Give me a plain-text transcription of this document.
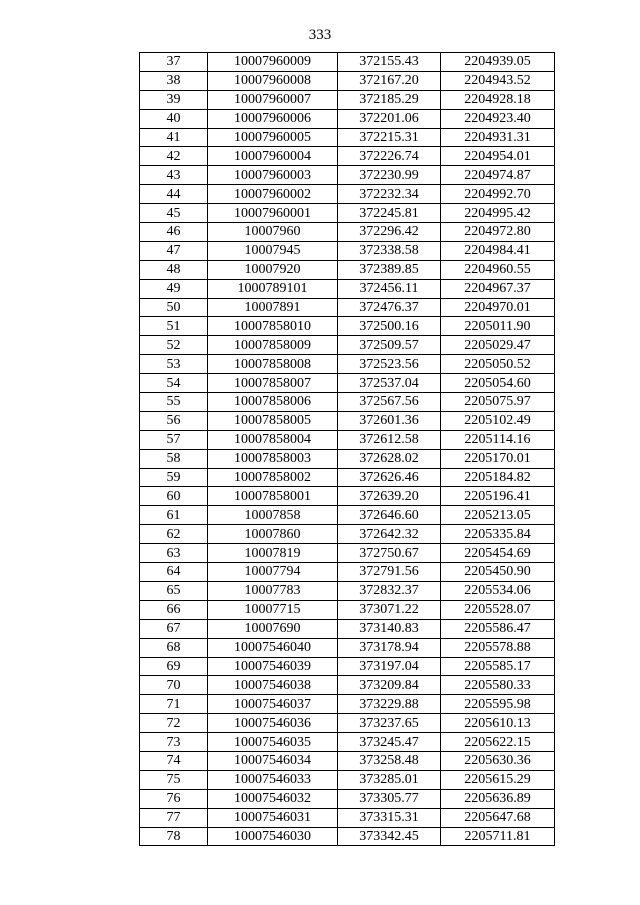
333
37	10007960009	372155.43	2204939.05
38	10007960008	372167.20	2204943.52
39	10007960007	372185.29	2204928.18
40	10007960006	372201.06	2204923.40
41	10007960005	372215.31	2204931.31
42	10007960004	372226.74	2204954.01
43	10007960003	372230.99	2204974.87
44	10007960002	372232.34	2204992.70
45	10007960001	372245.81	2204995.42
46	10007960	372296.42	2204972.80
47	10007945	372338.58	2204984.41
48	10007920	372389.85	2204960.55
49	1000789101	372456.11	2204967.37
50	10007891	372476.37	2204970.01
51	10007858010	372500.16	2205011.90
52	10007858009	372509.57	2205029.47
53	10007858008	372523.56	2205050.52
54	10007858007	372537.04	2205054.60
55	10007858006	372567.56	2205075.97
56	10007858005	372601.36	2205102.49
57	10007858004	372612.58	2205114.16
58	10007858003	372628.02	2205170.01
59	10007858002	372626.46	2205184.82
60	10007858001	372639.20	2205196.41
61	10007858	372646.60	2205213.05
62	10007860	372642.32	2205335.84
63	10007819	372750.67	2205454.69
64	10007794	372791.56	2205450.90
65	10007783	372832.37	2205534.06
66	10007715	373071.22	2205528.07
67	10007690	373140.83	2205586.47
68	10007546040	373178.94	2205578.88
69	10007546039	373197.04	2205585.17
70	10007546038	373209.84	2205580.33
71	10007546037	373229.88	2205595.98
72	10007546036	373237.65	2205610.13
73	10007546035	373245.47	2205622.15
74	10007546034	373258.48	2205630.36
75	10007546033	373285.01	2205615.29
76	10007546032	373305.77	2205636.89
77	10007546031	373315.31	2205647.68
78	10007546030	373342.45	2205711.81
